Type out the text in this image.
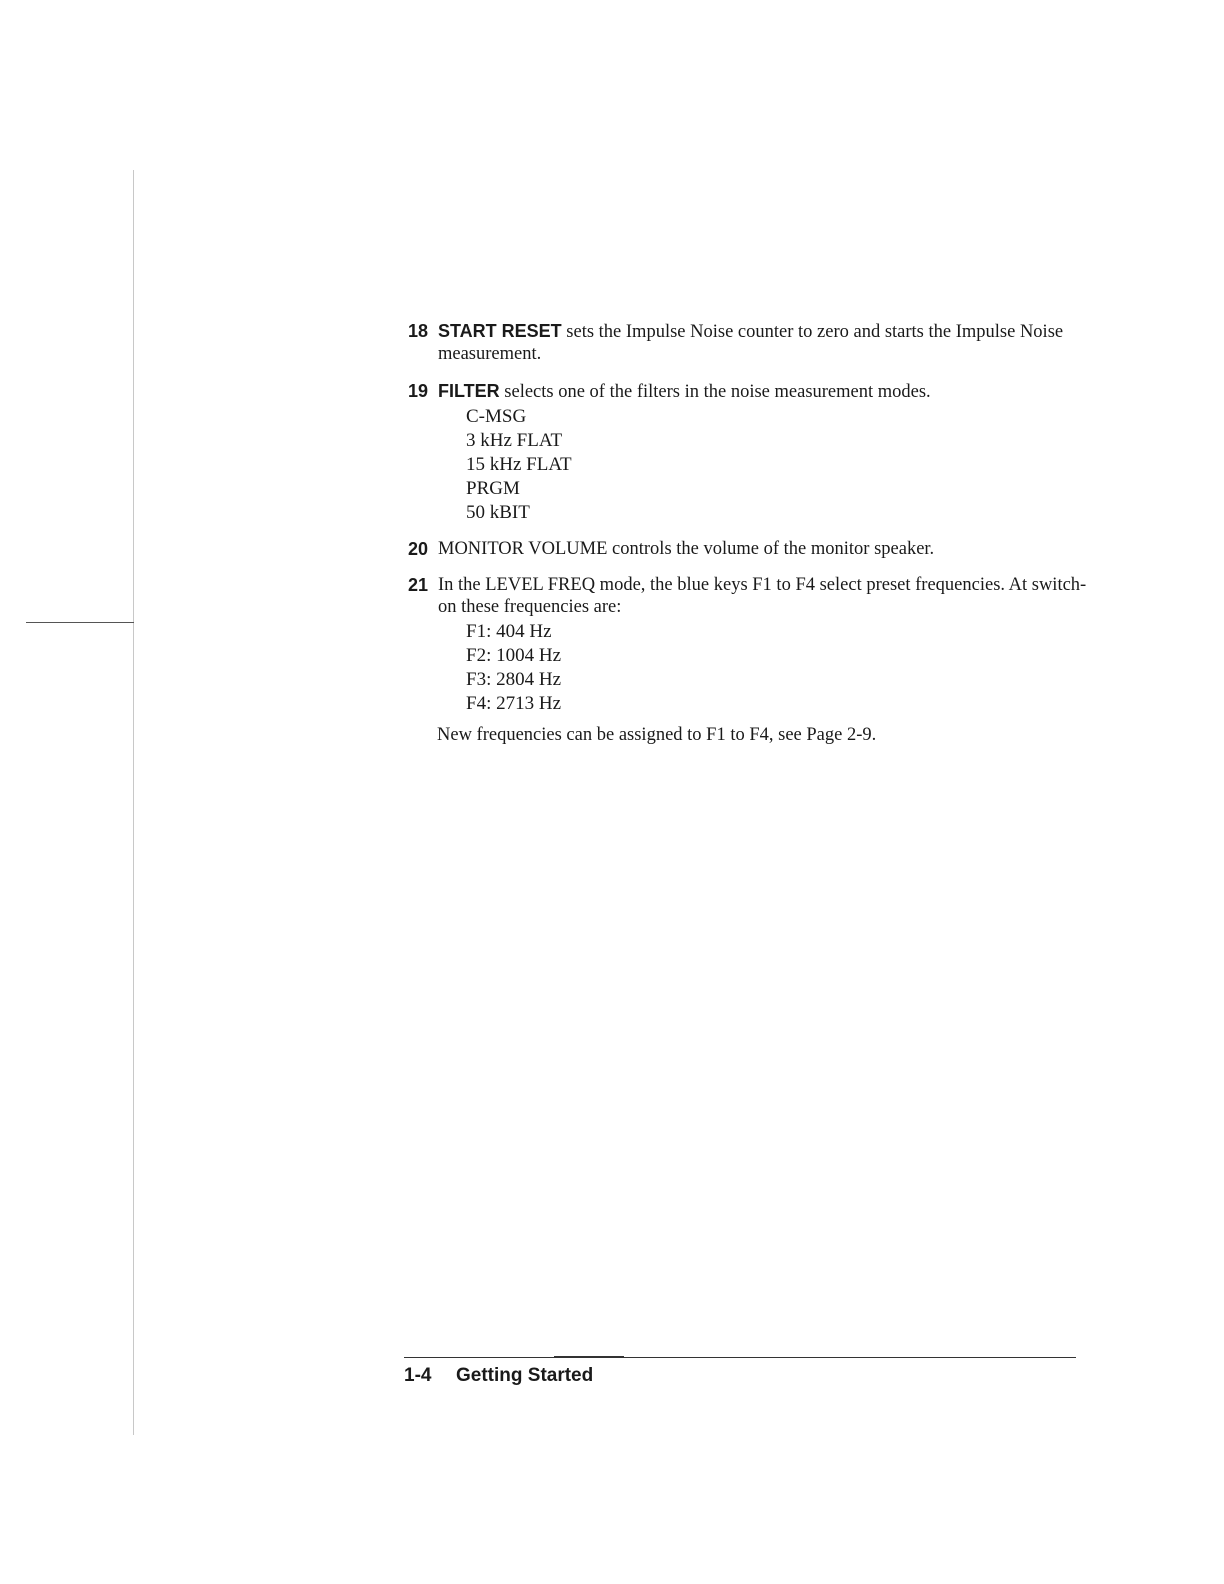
18 START RESET sets the Impulse Noise counter to zero and starts the Impulse Noise measurement.
19 FILTER selects one of the filters in the noise measurement modes.
C-MSG
3 kHz FLAT
15 kHz FLAT
PRGM
50 kBIT
20 MONITOR VOLUME controls the volume of the monitor speaker.
21 In the LEVEL FREQ mode, the blue keys F1 to F4 select preset frequencies. At switch-on these frequencies are:
F1: 404 Hz
F2: 1004 Hz
F3: 2804 Hz
F4: 2713 Hz
New frequencies can be assigned to F1 to F4, see Page 2-9.
1-4 Getting Started
